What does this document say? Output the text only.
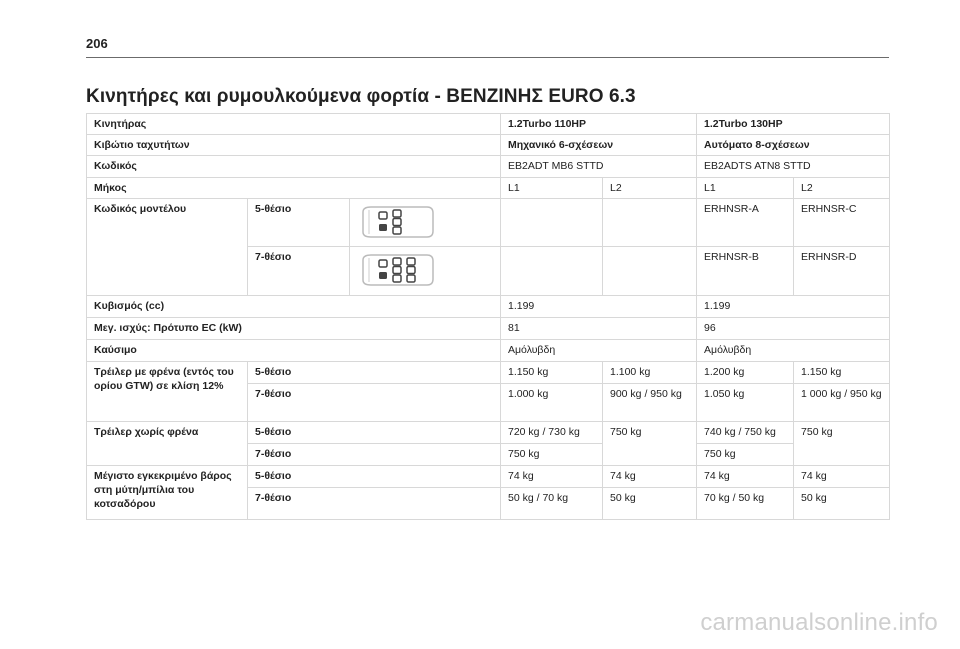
206
Κινητήρες και ρυμουλκούμενα φορτία - ΒΕΝΖΙΝΗΣ EURO 6.3
Κινητήρας			1.2Turbo 110HP		1.2Turbo 130HP	
Κιβώτιο ταχυτήτων			Μηχανικό 6-σχέσεων		Αυτόματο 8-σχέσεων	
Κωδικός			EB2ADT MB6 STTD		EB2ADTS ATN8 STTD	
Μήκος			L1	L2	L1	L2
Κωδικός μοντέλου	5-θέσιο				ERHNSR-A	ERHNSR-C
	7-θέσιο				ERHNSR-B	ERHNSR-D
Κυβισμός (cc)			1.199		1.199	
Μεγ. ισχύς: Πρότυπο EC (kW)			81		96	
Καύσιμο			Αμόλυβδη		Αμόλυβδη	
Τρέιλερ με φρένα (εντός του ορίου GTW) σε κλίση 12%	5-θέσιο		1.150 kg	1.100 kg	1.200 kg	1.150 kg
	7-θέσιο		1.000 kg	900 kg / 950 kg	1.050 kg	1 000 kg / 950 kg
Τρέιλερ χωρίς φρένα	5-θέσιο		720 kg / 730 kg	750 kg	740 kg / 750 kg	750 kg
	7-θέσιο		750 kg		750 kg	
Μέγιστο εγκεκριμένο βάρος στη μύτη/μπίλια του κοτσαδόρου	5-θέσιο		74 kg	74 kg	74 kg	74 kg
	7-θέσιο		50 kg / 70 kg	50 kg	70 kg / 50 kg	50 kg
carmanualsonline.info
